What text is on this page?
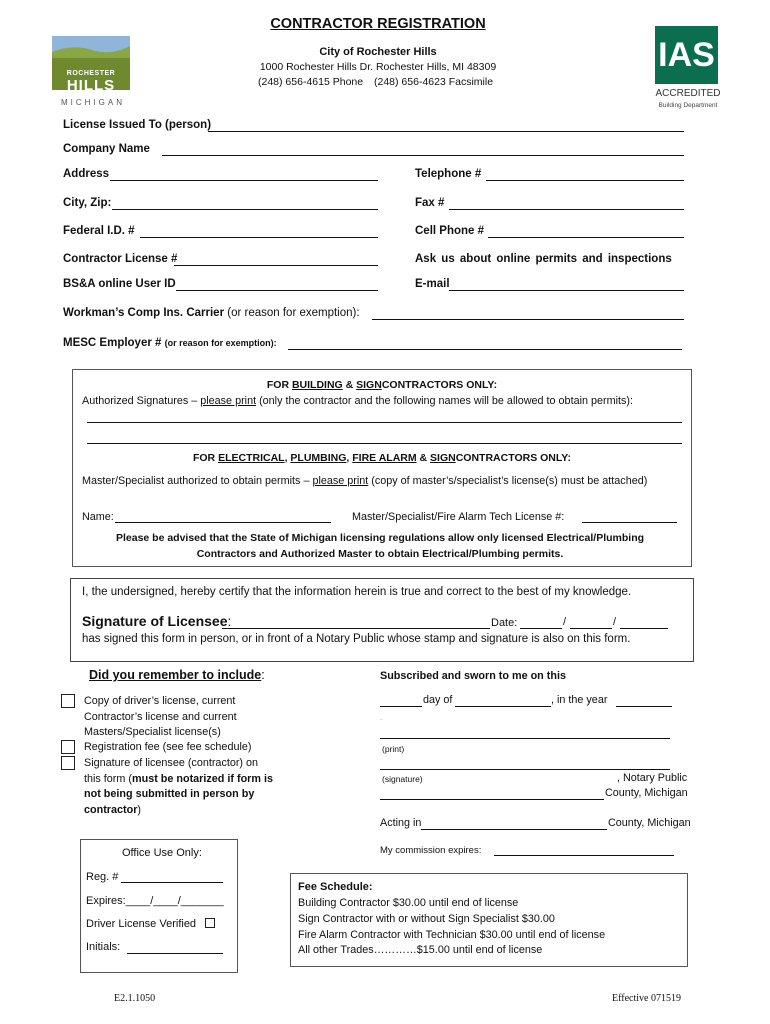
ROCHESTER
HILLS
MICHIGAN
CONTRACTOR REGISTRATION
City of Rochester Hills
1000 Rochester Hills Dr. Rochester Hills, MI 48309
(248) 656-4615 Phone (248) 656-4623 Facsimile
IAS
ACCREDITED
Building Department
License Issued To (person)
Company Name
Address	Telephone #
City, Zip:	Fax #
Federal I.D. #	Cell Phone #
Contractor License #	Ask us about online permits and inspections
BS&A online User ID	E-mail
Workman’s Comp Ins. Carrier (or reason for exemption):
MESC Employer # (or reason for exemption):
FOR BUILDING & SIGNCONTRACTORS ONLY:
Authorized Signatures – please print (only the contractor and the following names will be allowed to obtain permits):
FOR ELECTRICAL, PLUMBING, FIRE ALARM & SIGNCONTRACTORS ONLY:
Master/Specialist authorized to obtain permits – please print (copy of master’s/specialist’s license(s) must be attached)
Name:	Master/Specialist/Fire Alarm Tech License #:
Please be advised that the State of Michigan licensing regulations allow only licensed Electrical/Plumbing Contractors and Authorized Master to obtain Electrical/Plumbing permits.
I, the undersigned, hereby certify that the information herein is true and correct to the best of my knowledge.
Signature of Licensee:	Date:	/	/
has signed this form in person, or in front of a Notary Public whose stamp and signature is also on this form.
Did you remember to include:
Copy of driver’s license, current Contractor’s license and current Masters/Specialist license(s)
Registration fee (see fee schedule)
Signature of licensee (contractor) on this form (must be notarized if form is not being submitted in person by contractor)
Subscribed and sworn to me on this
day of	, in the year
.
(print)
(signature)	, Notary Public
County, Michigan
Acting in	County, Michigan
My commission expires:
Office Use Only:
Reg. #
Expires:____/____/_______
Driver License Verified
Initials:
Fee Schedule:
Building Contractor $30.00 until end of license
Sign Contractor with or without Sign Specialist $30.00
Fire Alarm Contractor with Technician $30.00 until end of license
All other Trades…………$15.00 until end of license
E2.1.1050	Effective 071519
